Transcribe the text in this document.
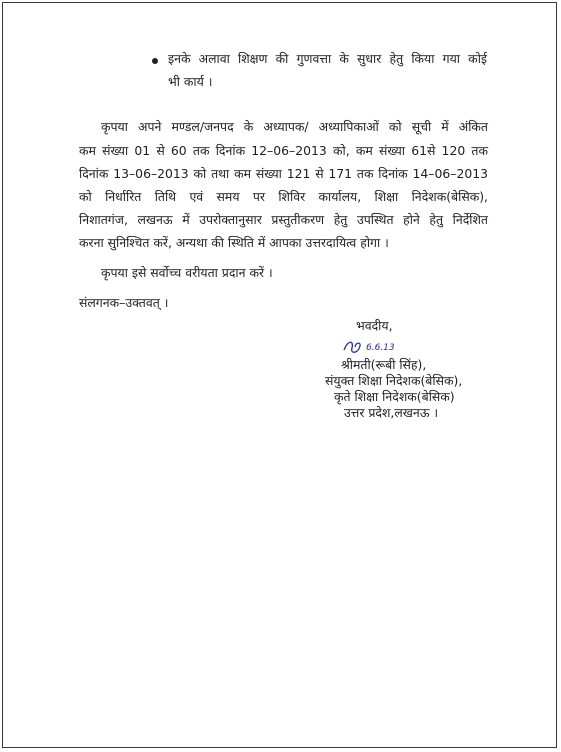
इनके अलावा शिक्षण की गुणवत्ता के सुधार हेतु किया गया कोई
भी कार्य ।
कृपया अपने मण्डल/जनपद के अध्यापक/ अध्यापिकाओं को सूची में अंकित
कम संख्या 01 से 60 तक दिनांक 12–06–2013 को, कम संख्या 61से 120 तक
दिनांक 13–06–2013 को तथा कम संख्या 121 से 171 तक दिनांक 14–06–2013
को निर्धारित तिथि एवं समय पर शिविर कार्यालय, शिक्षा निदेशक(बेसिक),
निशातगंज, लखनऊ में उपरोक्तानुसार प्रस्तुतीकरण हेतु उपस्थित होने हेतु निर्देशित
करना सुनिश्चित करें, अन्यथा की स्थिति में आपका उत्तरदायित्व होगा ।
कृपया इसे सर्वोच्च वरीयता प्रदान करें ।
संलगनक–उक्तवत् ।
भवदीय,
6.6.13
श्रीमती(रूबी सिंह),
संयुक्त शिक्षा निदेशक(बेसिक),
कृते शिक्षा निदेशक(बेसिक)
उत्तर प्रदेश,लखनऊ ।
